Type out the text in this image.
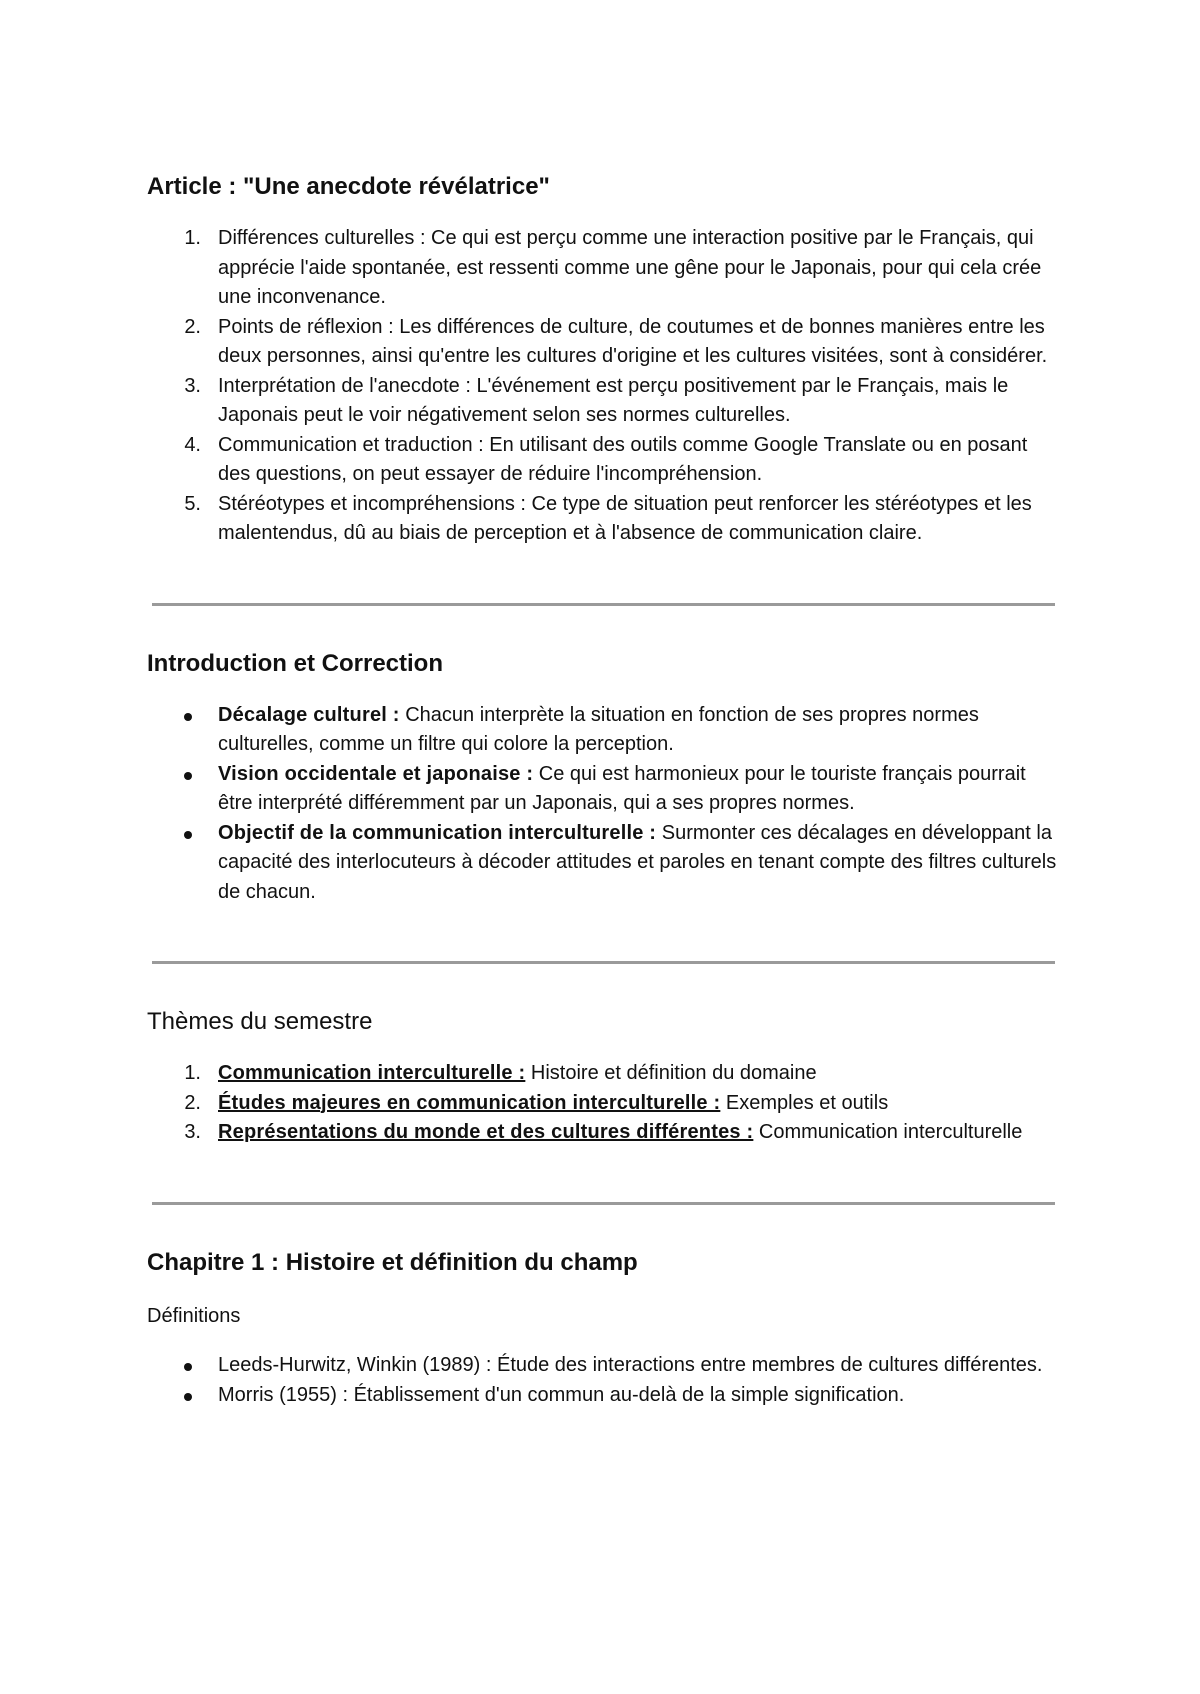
Article : "Une anecdote révélatrice"
1. Différences culturelles : Ce qui est perçu comme une interaction positive par le Français, qui apprécie l'aide spontanée, est ressenti comme une gêne pour le Japonais, pour qui cela crée une inconvenance.
2. Points de réflexion : Les différences de culture, de coutumes et de bonnes manières entre les deux personnes, ainsi qu'entre les cultures d'origine et les cultures visitées, sont à considérer.
3. Interprétation de l'anecdote : L'événement est perçu positivement par le Français, mais le Japonais peut le voir négativement selon ses normes culturelles.
4. Communication et traduction : En utilisant des outils comme Google Translate ou en posant des questions, on peut essayer de réduire l'incompréhension.
5. Stéréotypes et incompréhensions : Ce type de situation peut renforcer les stéréotypes et les malentendus, dû au biais de perception et à l'absence de communication claire.
Introduction et Correction
Décalage culturel : Chacun interprète la situation en fonction de ses propres normes culturelles, comme un filtre qui colore la perception.
Vision occidentale et japonaise : Ce qui est harmonieux pour le touriste français pourrait être interprété différemment par un Japonais, qui a ses propres normes.
Objectif de la communication interculturelle : Surmonter ces décalages en développant la capacité des interlocuteurs à décoder attitudes et paroles en tenant compte des filtres culturels de chacun.
Thèmes du semestre
1. Communication interculturelle : Histoire et définition du domaine
2. Études majeures en communication interculturelle : Exemples et outils
3. Représentations du monde et des cultures différentes : Communication interculturelle
Chapitre 1 : Histoire et définition du champ

Définitions

Leeds-Hurwitz, Winkin (1989) : Étude des interactions entre membres de cultures différentes.
Morris (1955) : Établissement d'un commun au-delà de la simple signification.
